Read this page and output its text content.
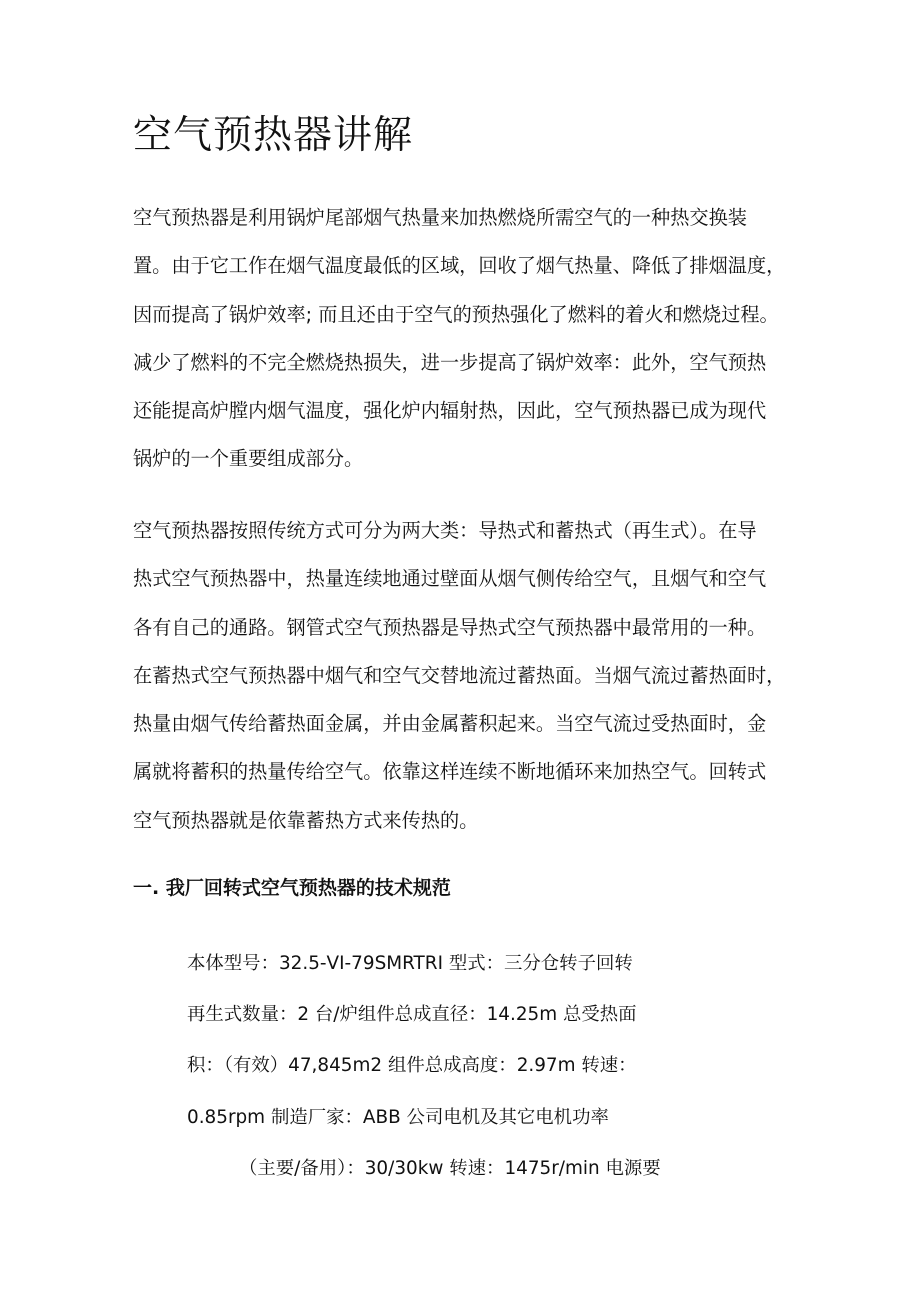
空气预热器讲解

空气预热器是利用锅炉尾部烟气热量来加热燃烧所需空气的一种热交换装
置。由于它工作在烟气温度最低的区域，回收了烟气热量、降低了排烟温度，
因而提高了锅炉效率; 而且还由于空气的预热强化了燃料的着火和燃烧过程。
减少了燃料的不完全燃烧热损失，进一步提高了锅炉效率：此外，空气预热
还能提高炉膛内烟气温度，强化炉内辐射热，因此，空气预热器已成为现代
锅炉的一个重要组成部分。

空气预热器按照传统方式可分为两大类：导热式和蓄热式（再生式）。在导
热式空气预热器中，热量连续地通过壁面从烟气侧传给空气，且烟气和空气
各有自己的通路。钢管式空气预热器是导热式空气预热器中最常用的一种。
在蓄热式空气预热器中烟气和空气交替地流过蓄热面。当烟气流过蓄热面时，
热量由烟气传给蓄热面金属，并由金属蓄积起来。当空气流过受热面时，金
属就将蓄积的热量传给空气。依靠这样连续不断地循环来加热空气。回转式
空气预热器就是依靠蓄热方式来传热的。

一. 我厂回转式空气预热器的技术规范
本体型号：32.5-VI-79SMRTRI 型式：三分仓转子回转
再生式数量：2 台/炉组件总成直径：14.25m 总受热面
积：（有效）47,845m2 组件总成高度：2.97m 转速：
0.85rpm 制造厂家：ABB 公司电机及其它电机功率
（主要/备用）：30/30kw 转速：1475r/min 电源要
